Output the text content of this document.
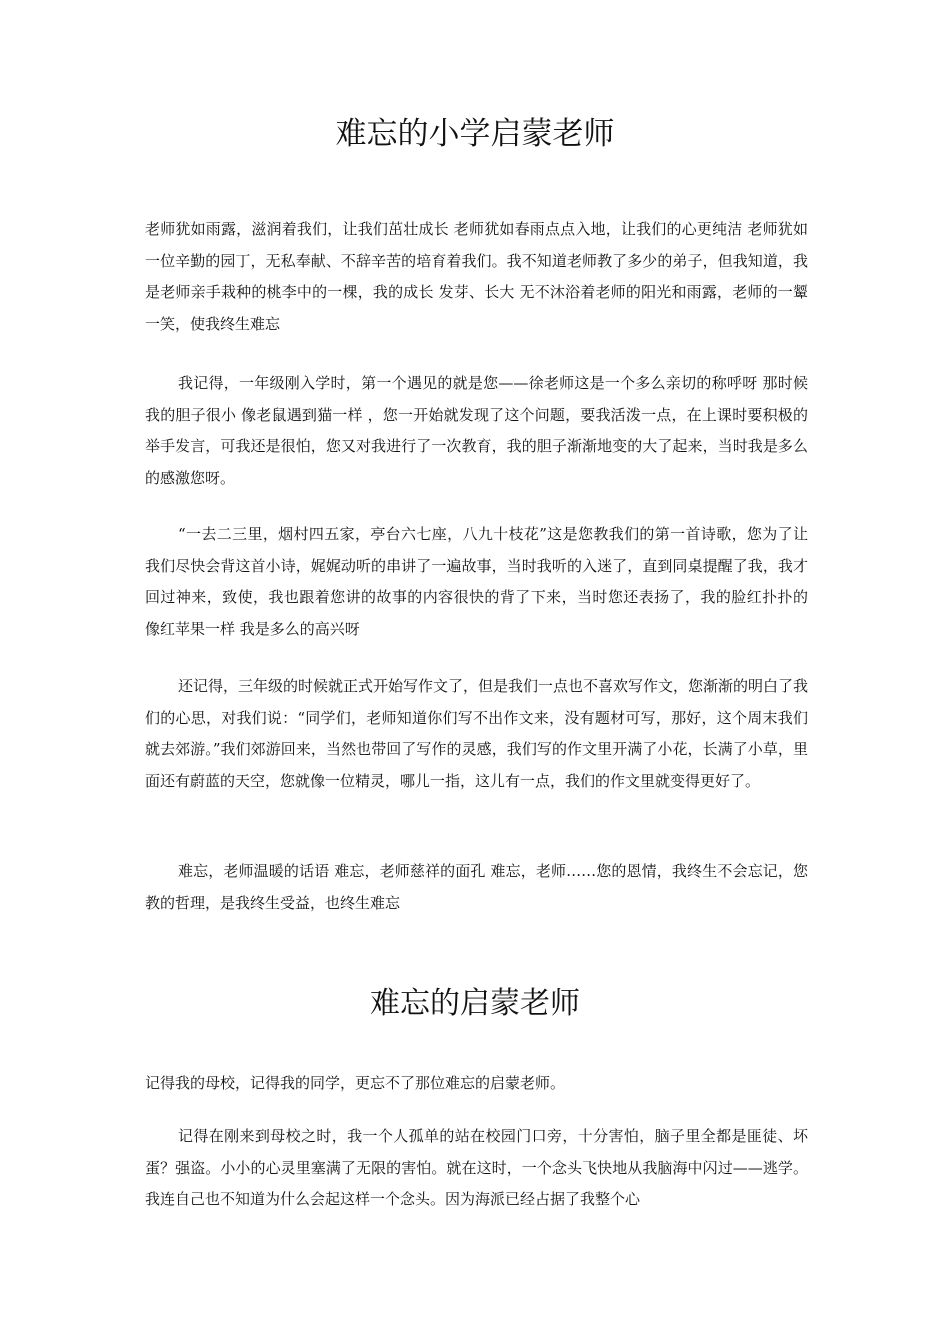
难忘的小学启蒙老师

老师犹如雨露，滋润着我们，让我们茁壮成长 老师犹如春雨点点入地，让我们的心更纯洁 老师犹如一位辛勤的园丁，无私奉献、不辞辛苦的培育着我们。我不知道老师教了多少的弟子，但我知道，我是老师亲手栽种的桃李中的一棵，我的成长 发芽、长大 无不沐浴着老师的阳光和雨露，老师的一颦一笑，使我终生难忘

我记得，一年级刚入学时，第一个遇见的就是您——徐老师这是一个多么亲切的称呼呀 那时候我的胆子很小 像老鼠遇到猫一样 ，您一开始就发现了这个问题，要我活泼一点，在上课时要积极的举手发言，可我还是很怕，您又对我进行了一次教育，我的胆子渐渐地变的大了起来，当时我是多么的感激您呀。

“一去二三里，烟村四五家，亭台六七座，八九十枝花”这是您教我们的第一首诗歌，您为了让我们尽快会背这首小诗，娓娓动听的串讲了一遍故事，当时我听的入迷了，直到同桌提醒了我，我才回过神来，致使，我也跟着您讲的故事的内容很快的背了下来，当时您还表扬了，我的脸红扑扑的 像红苹果一样 我是多么的高兴呀

还记得，三年级的时候就正式开始写作文了，但是我们一点也不喜欢写作文，您渐渐的明白了我们的心思，对我们说：“同学们，老师知道你们写不出作文来，没有题材可写，那好，这个周末我们就去郊游。”我们郊游回来，当然也带回了写作的灵感，我们写的作文里开满了小花，长满了小草，里面还有蔚蓝的天空，您就像一位精灵，哪儿一指，这儿有一点，我们的作文里就变得更好了。

难忘，老师温暖的话语 难忘，老师慈祥的面孔 难忘，老师……您的恩情，我终生不会忘记，您教的哲理，是我终生受益，也终生难忘

难忘的启蒙老师

记得我的母校，记得我的同学，更忘不了那位难忘的启蒙老师。

记得在刚来到母校之时，我一个人孤单的站在校园门口旁，十分害怕，脑子里全都是匪徒、坏蛋？强盗。小小的心灵里塞满了无限的害怕。就在这时，一个念头飞快地从我脑海中闪过——逃学。我连自己也不知道为什么会起这样一个念头。因为海派已经占据了我整个心
